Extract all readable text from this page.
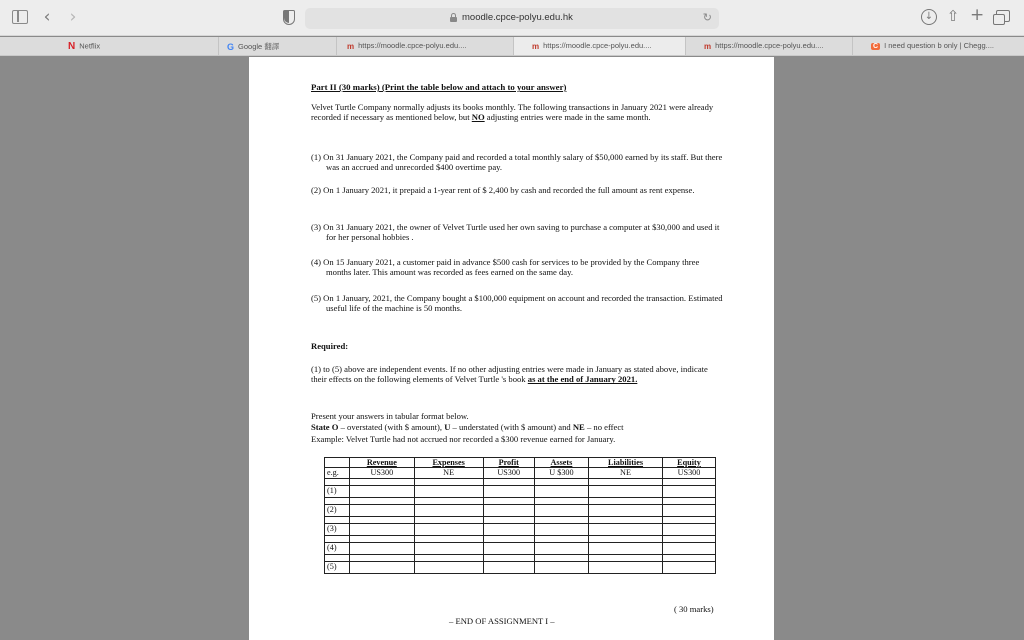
‹ ›	moodle.cpce-polyu.edu.hk	↻	↓ ⇧ +
N Netflix	G Google 翻譯	m https://moodle.cpce-polyu.edu....	m https://moodle.cpce-polyu.edu....	m https://moodle.cpce-polyu.edu....	C I need question b only | Chegg....
Part II (30 marks) (Print the table below and attach to your answer)
Velvet Turtle Company normally adjusts its books monthly. The following transactions in January 2021 were already recorded if necessary as mentioned below, but NO adjusting entries were made in the same month.
(1) On 31 January 2021, the Company paid and recorded a total monthly salary of $50,000 earned by its staff. But there was an accrued and unrecorded $400 overtime pay.
(2) On 1 January 2021, it prepaid a 1-year rent of $ 2,400 by cash and recorded the full amount as rent expense.
(3) On 31 January 2021, the owner of Velvet Turtle used her own saving to purchase a computer at $30,000 and used it for her personal hobbies .
(4) On 15 January 2021, a customer paid in advance $500 cash for services to be provided by the Company three months later. This amount was recorded as fees earned on the same day.
(5) On 1 January, 2021, the Company bought a $100,000 equipment on account and recorded the transaction. Estimated useful life of the machine is 50 months.
Required:
(1) to (5) above are independent events. If no other adjusting entries were made in January as stated above, indicate their effects on the following elements of Velvet Turtle 's book as at the end of January 2021.
Present your answers in tabular format below.
State O – overstated (with $ amount), U – understated (with $ amount) and NE – no effect
Example: Velvet Turtle had not accrued nor recorded a $300 revenue earned for January.
	Revenue	Expenses	Profit	Assets	Liabilities	Equity
e.g.	US300	NE	US300	U $300	NE	US300

(1)						

(2)						

(3)						

(4)						

(5)						
( 30 marks)
– END OF ASSIGNMENT I –
